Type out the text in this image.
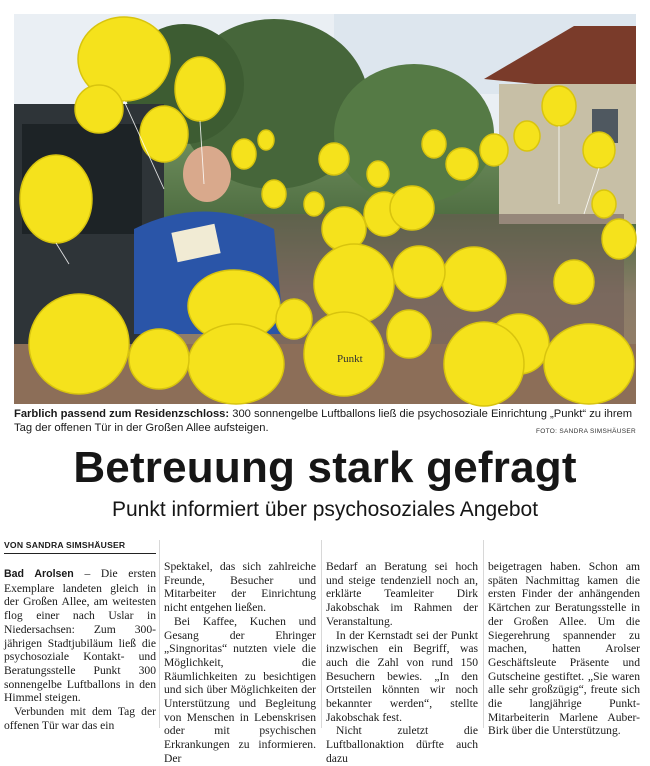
Punkt
Farblich passend zum Residenzschloss: 300 sonnengelbe Luftballons ließ die psychosoziale Einrichtung „Punkt“ zu ihrem Tag der offenen Tür in der Großen Allee aufsteigen.	FOTO: SANDRA SIMSHÄUSER
Betreuung stark gefragt
Punkt informiert über psychosoziales Angebot
VON SANDRA SIMSHÄUSER

Bad Arolsen – Die ersten Exemplare landeten gleich in der Großen Allee, am weitesten flog einer nach Uslar in Niedersachsen: Zum 300-jährigen Stadtjubiläum ließ die psychosoziale Kontakt- und Beratungsstelle Punkt 300 sonnengelbe Luftballons in den Himmel steigen.

Verbunden mit dem Tag der offenen Tür war das ein

Spektakel, das sich zahlreiche Freunde, Besucher und Mitarbeiter der Einrichtung nicht entgehen ließen.

Bei Kaffee, Kuchen und Gesang der Ehringer „Singnoritas“ nutzten viele die Möglichkeit, die Räumlichkeiten zu besichtigen und sich über Möglichkeiten der Unterstützung und Begleitung von Menschen in Lebenskrisen oder mit psychischen Erkrankungen zu informieren. Der

Bedarf an Beratung sei hoch und steige tendenziell noch an, erklärte Teamleiter Dirk Jakobschak im Rahmen der Veranstaltung.

In der Kernstadt sei der Punkt inzwischen ein Begriff, was auch die Zahl von rund 150 Besuchern bewies. „In den Ortsteilen könnten wir noch bekannter werden“, stellte Jakobschak fest.

Nicht zuletzt die Luftballonaktion dürfte auch dazu

beigetragen haben. Schon am späten Nachmittag kamen die ersten Finder der anhängenden Kärtchen zur Beratungsstelle in der Großen Allee. Um die Siegerehrung spannender zu machen, hatten Arolser Geschäftsleute Präsente und Gutscheine gestiftet. „Sie waren alle sehr großzügig“, freute sich die langjährige Punkt-Mitarbeiterin Marlene Auber-Birk über die Unterstützung.
